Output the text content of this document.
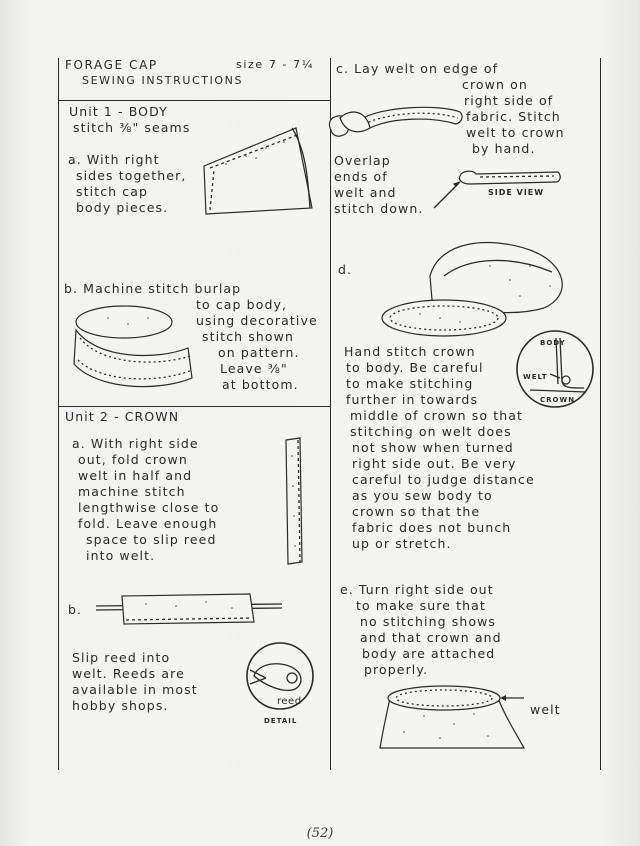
FORAGE CAP	size 7 - 7¼

SEWING INSTRUCTIONS

Unit 1 - BODY

stitch ⅜" seams

a. With right

sides together,

stitch cap

body pieces.

b. Machine stitch burlap

to cap body,

using decorative

stitch shown

on pattern.

Leave ⅜"

at bottom.

Unit 2 - CROWN

a. With right side

out, fold crown

welt in half and

machine stitch

lengthwise close to

fold. Leave enough

space to slip reed

into welt.

b.

Slip reed into

welt. Reeds are

available in most

hobby shops.	reed

DETAIL

c. Lay welt on edge of

crown on

right side of

fabric. Stitch

welt to crown

by hand.

Overlap

ends of

welt and

stitch down.

SIDE VIEW

d.

Hand stitch crown

to body. Be careful

to make stitching

further in towards

middle of crown so that

stitching on welt does

not show when turned

right side out. Be very

careful to judge distance

as you sew body to

crown so that the

fabric does not bunch

up or stretch.

BODY

WELT

CROWN

e. Turn right side out

to make sure that

no stitching shows

and that crown and

body are attached

properly.

welt

(52)
